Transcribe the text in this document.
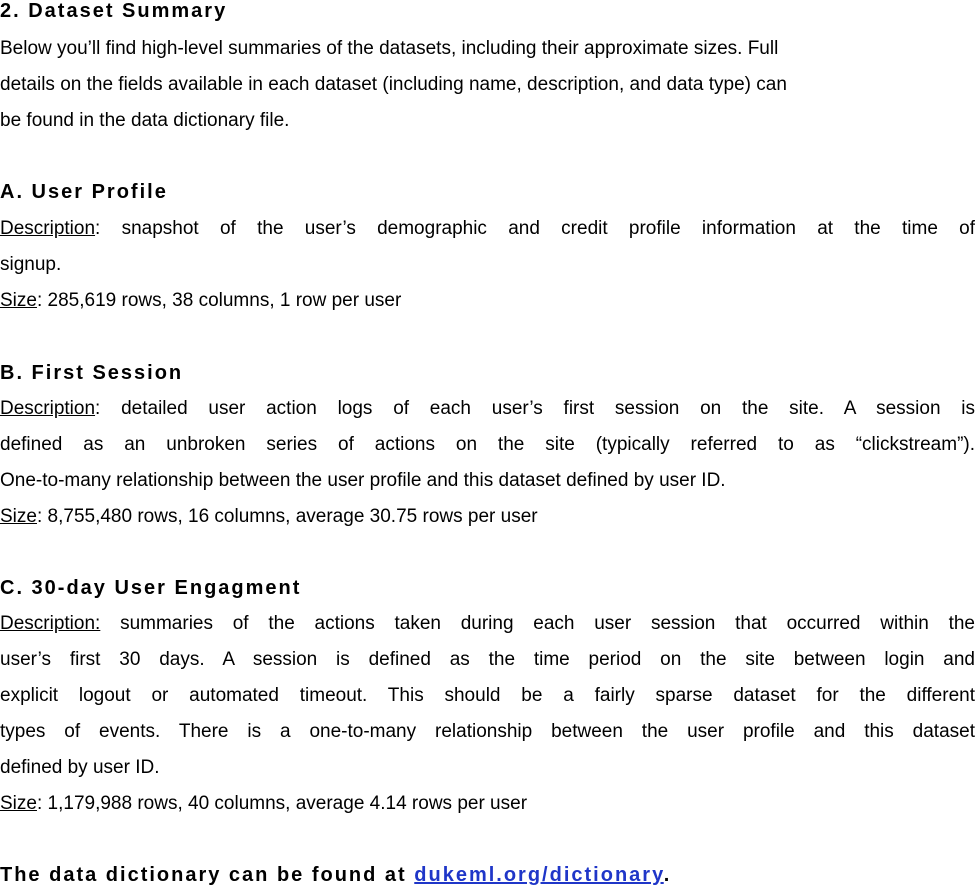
2. Dataset Summary
Below you’ll find high-level summaries of the datasets, including their approximate sizes. Full
details on the fields available in each dataset (including name, description, and data type) can
be found in the data dictionary file.
A. User Profile
Description: snapshot of the user’s demographic and credit profile information at the time of
signup.
Size: 285,619 rows, 38 columns, 1 row per user
B. First Session
Description: detailed user action logs of each user’s first session on the site. A session is
defined as an unbroken series of actions on the site (typically referred to as “clickstream”).
One-to-many relationship between the user profile and this dataset defined by user ID.
Size: 8,755,480 rows, 16 columns, average 30.75 rows per user
C. 30-day User Engagment
Description: summaries of the actions taken during each user session that occurred within the
user’s first 30 days. A session is defined as the time period on the site between login and
explicit logout or automated timeout. This should be a fairly sparse dataset for the different
types of events. There is a one-to-many relationship between the user profile and this dataset
defined by user ID.
Size: 1,179,988 rows, 40 columns, average 4.14 rows per user
The data dictionary can be found at dukeml.org/dictionary.
